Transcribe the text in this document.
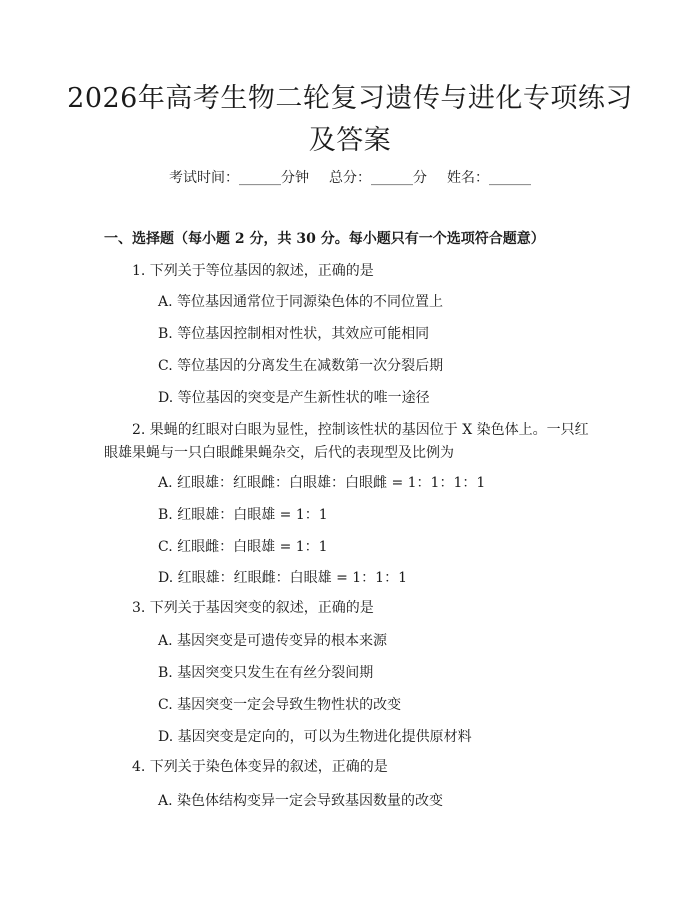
2026年高考生物二轮复习遗传与进化专项练习及答案
考试时间：______分钟 总分：______分 姓名：______
一、选择题（每小题 2 分，共 30 分。每小题只有一个选项符合题意）
1. 下列关于等位基因的叙述，正确的是
A. 等位基因通常位于同源染色体的不同位置上
B. 等位基因控制相对性状，其效应可能相同
C. 等位基因的分离发生在减数第一次分裂后期
D. 等位基因的突变是产生新性状的唯一途径
2. 果蝇的红眼对白眼为显性，控制该性状的基因位于 X 染色体上。一只红眼雄果蝇与一只白眼雌果蝇杂交，后代的表现型及比例为
A. 红眼雄：红眼雌：白眼雄：白眼雌 = 1：1：1：1
B. 红眼雄：白眼雄 = 1：1
C. 红眼雌：白眼雄 = 1：1
D. 红眼雄：红眼雌：白眼雄 = 1：1：1
3. 下列关于基因突变的叙述，正确的是
A. 基因突变是可遗传变异的根本来源
B. 基因突变只发生在有丝分裂间期
C. 基因突变一定会导致生物性状的改变
D. 基因突变是定向的，可以为生物进化提供原材料
4. 下列关于染色体变异的叙述，正确的是
A. 染色体结构变异一定会导致基因数量的改变
